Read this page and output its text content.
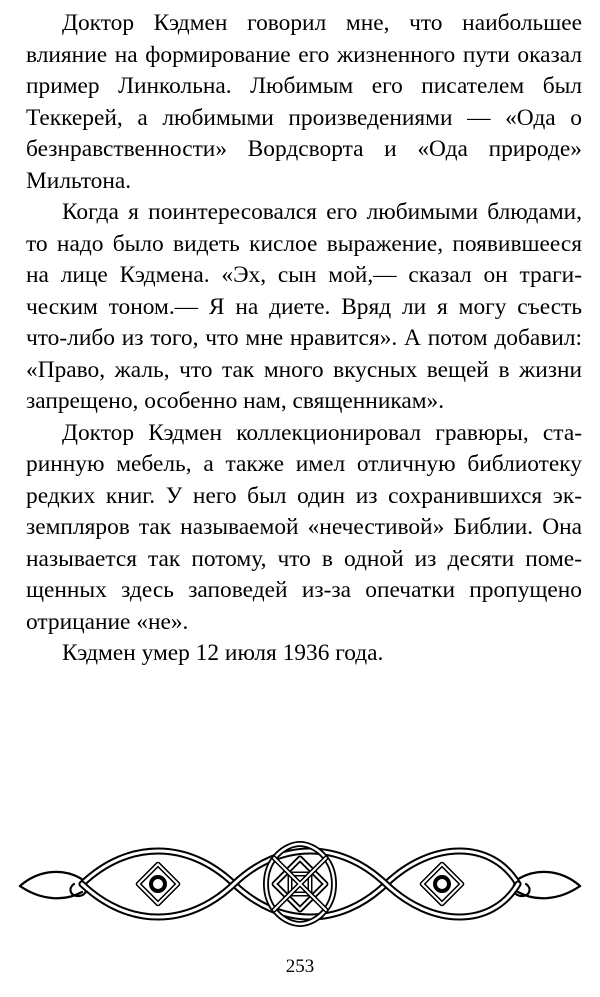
Доктор Кэдмен говорил мне, что наибольшее влияние на формирование его жизненного пути оказал пример Линкольна. Любимым его писателем был Теккерей, а любимыми произведениями — «Ода о безнравственности» Вордсворта и «Ода природе» Мильтона.

Когда я поинтересовался его любимыми блюдами, то надо было видеть кислое выражение, появившееся на лице Кэдмена. «Эх, сын мой,— сказал он трагическим тоном.— Я на диете. Вряд ли я могу съесть что-либо из того, что мне нравится». А потом добавил: «Право, жаль, что так много вкусных вещей в жизни запрещено, особенно нам, священникам».

Доктор Кэдмен коллекционировал гравюры, старинную мебель, а также имел отличную библиотеку редких книг. У него был один из сохранившихся экземпляров так называемой «нечестивой» Библии. Она называется так потому, что в одной из десяти помещенных здесь заповедей из-за опечатки пропущено отрицание «не».

Кэдмен умер 12 июля 1936 года.

253
